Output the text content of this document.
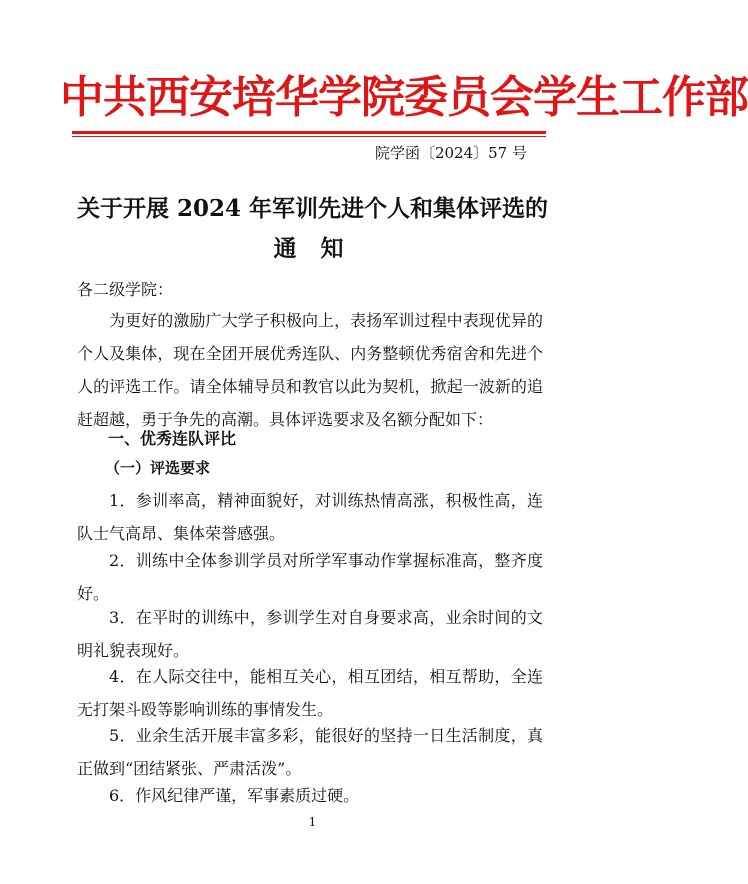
中共西安培华学院委员会学生工作部
院学函〔2024〕57 号
关于开展 2024 年军训先进个人和集体评选的
通 知
各二级学院：

为更好的激励广大学子积极向上，表扬军训过程中表现优异的个人及集体，现在全团开展优秀连队、内务整顿优秀宿舍和先进个人的评选工作。请全体辅导员和教官以此为契机，掀起一波新的追赶超越，勇于争先的高潮。具体评选要求及名额分配如下：

一、优秀连队评比
（一）评选要求

1．参训率高，精神面貌好，对训练热情高涨，积极性高，连队士气高昂、集体荣誉感强。

2．训练中全体参训学员对所学军事动作掌握标准高，整齐度好。

3．在平时的训练中，参训学生对自身要求高，业余时间的文明礼貌表现好。

4．在人际交往中，能相互关心，相互团结，相互帮助，全连无打架斗殴等影响训练的事情发生。

5．业余生活开展丰富多彩，能很好的坚持一日生活制度，真正做到“团结紧张、严肃活泼”。

6．作风纪律严谨，军事素质过硬。

1
